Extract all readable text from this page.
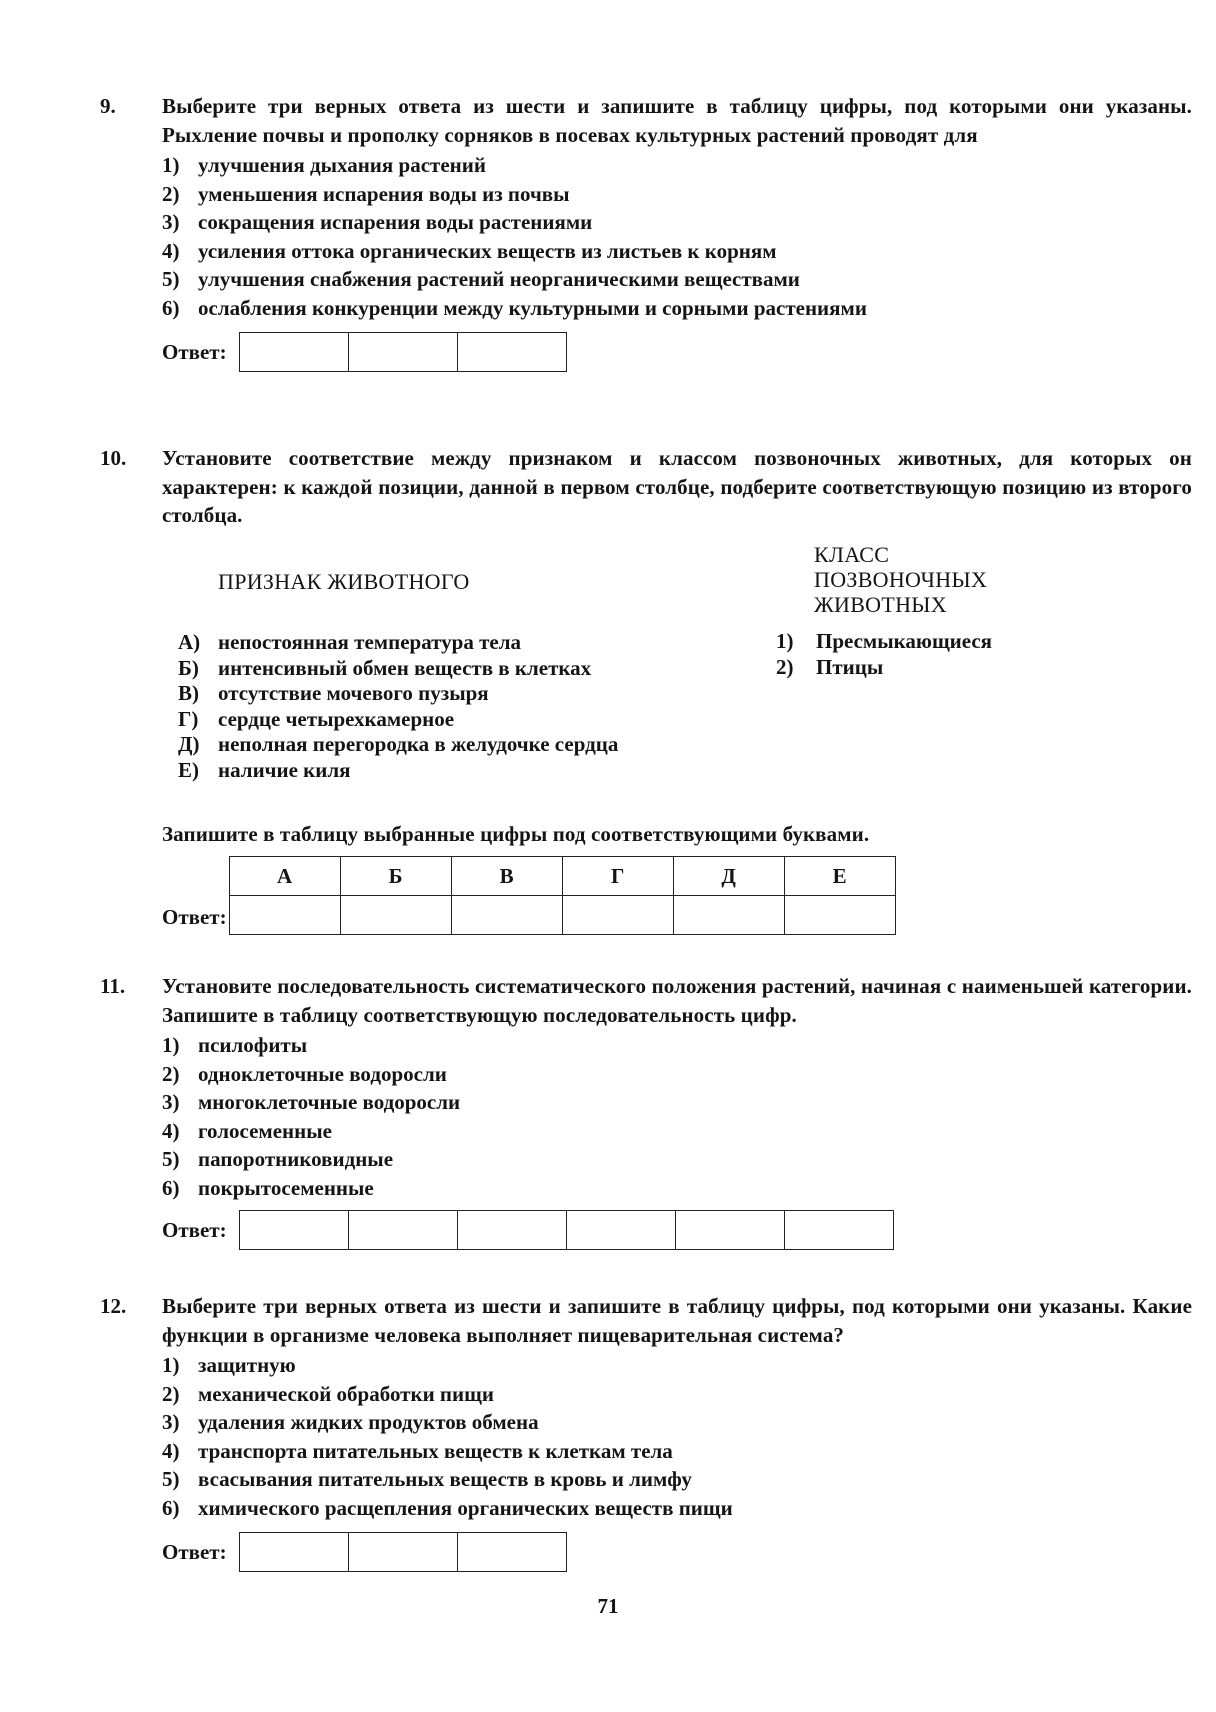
9. Выберите три верных ответа из шести и запишите в таблицу цифры, под которыми они указаны. Рыхление почвы и прополку сорняков в посевах культурных растений проводят для
1) улучшения дыхания растений
2) уменьшения испарения воды из почвы
3) сокращения испарения воды растениями
4) усиления оттока органических веществ из листьев к корням
5) улучшения снабжения растений неорганическими веществами
6) ослабления конкуренции между культурными и сорными растениями
Ответ:
10. Установите соответствие между признаком и классом позвоночных животных, для которых он характерен: к каждой позиции, данной в первом столбце, подберите соответствующую позицию из второго столбца.
ПРИЗНАК ЖИВОТНОГО
КЛАСС
ПОЗВОНОЧНЫХ
ЖИВОТНЫХ
А) непостоянная температура тела
Б) интенсивный обмен веществ в клетках
В) отсутствие мочевого пузыря
Г) сердце четырехкамерное
Д) неполная перегородка в желудочке сердца
Е) наличие киля
1)	Пресмыкающиеся
2)	Птицы
Запишите в таблицу выбранные цифры под соответствующими буквами.
Ответ:
А	Б	В	Г	Д	Е

11. Установите последовательность систематического положения растений, начиная с наименьшей категории. Запишите в таблицу соответствующую последовательность цифр.
1) псилофиты
2) одноклеточные водоросли
3) многоклеточные водоросли
4) голосеменные
5) папоротниковидные
6) покрытосеменные
Ответ:
12. Выберите три верных ответа из шести и запишите в таблицу цифры, под которыми они указаны. Какие функции в организме человека выполняет пищеварительная система?
1) защитную
2) механической обработки пищи
3) удаления жидких продуктов обмена
4) транспорта питательных веществ к клеткам тела
5) всасывания питательных веществ в кровь и лимфу
6) химического расщепления органических веществ пищи
Ответ:
71
